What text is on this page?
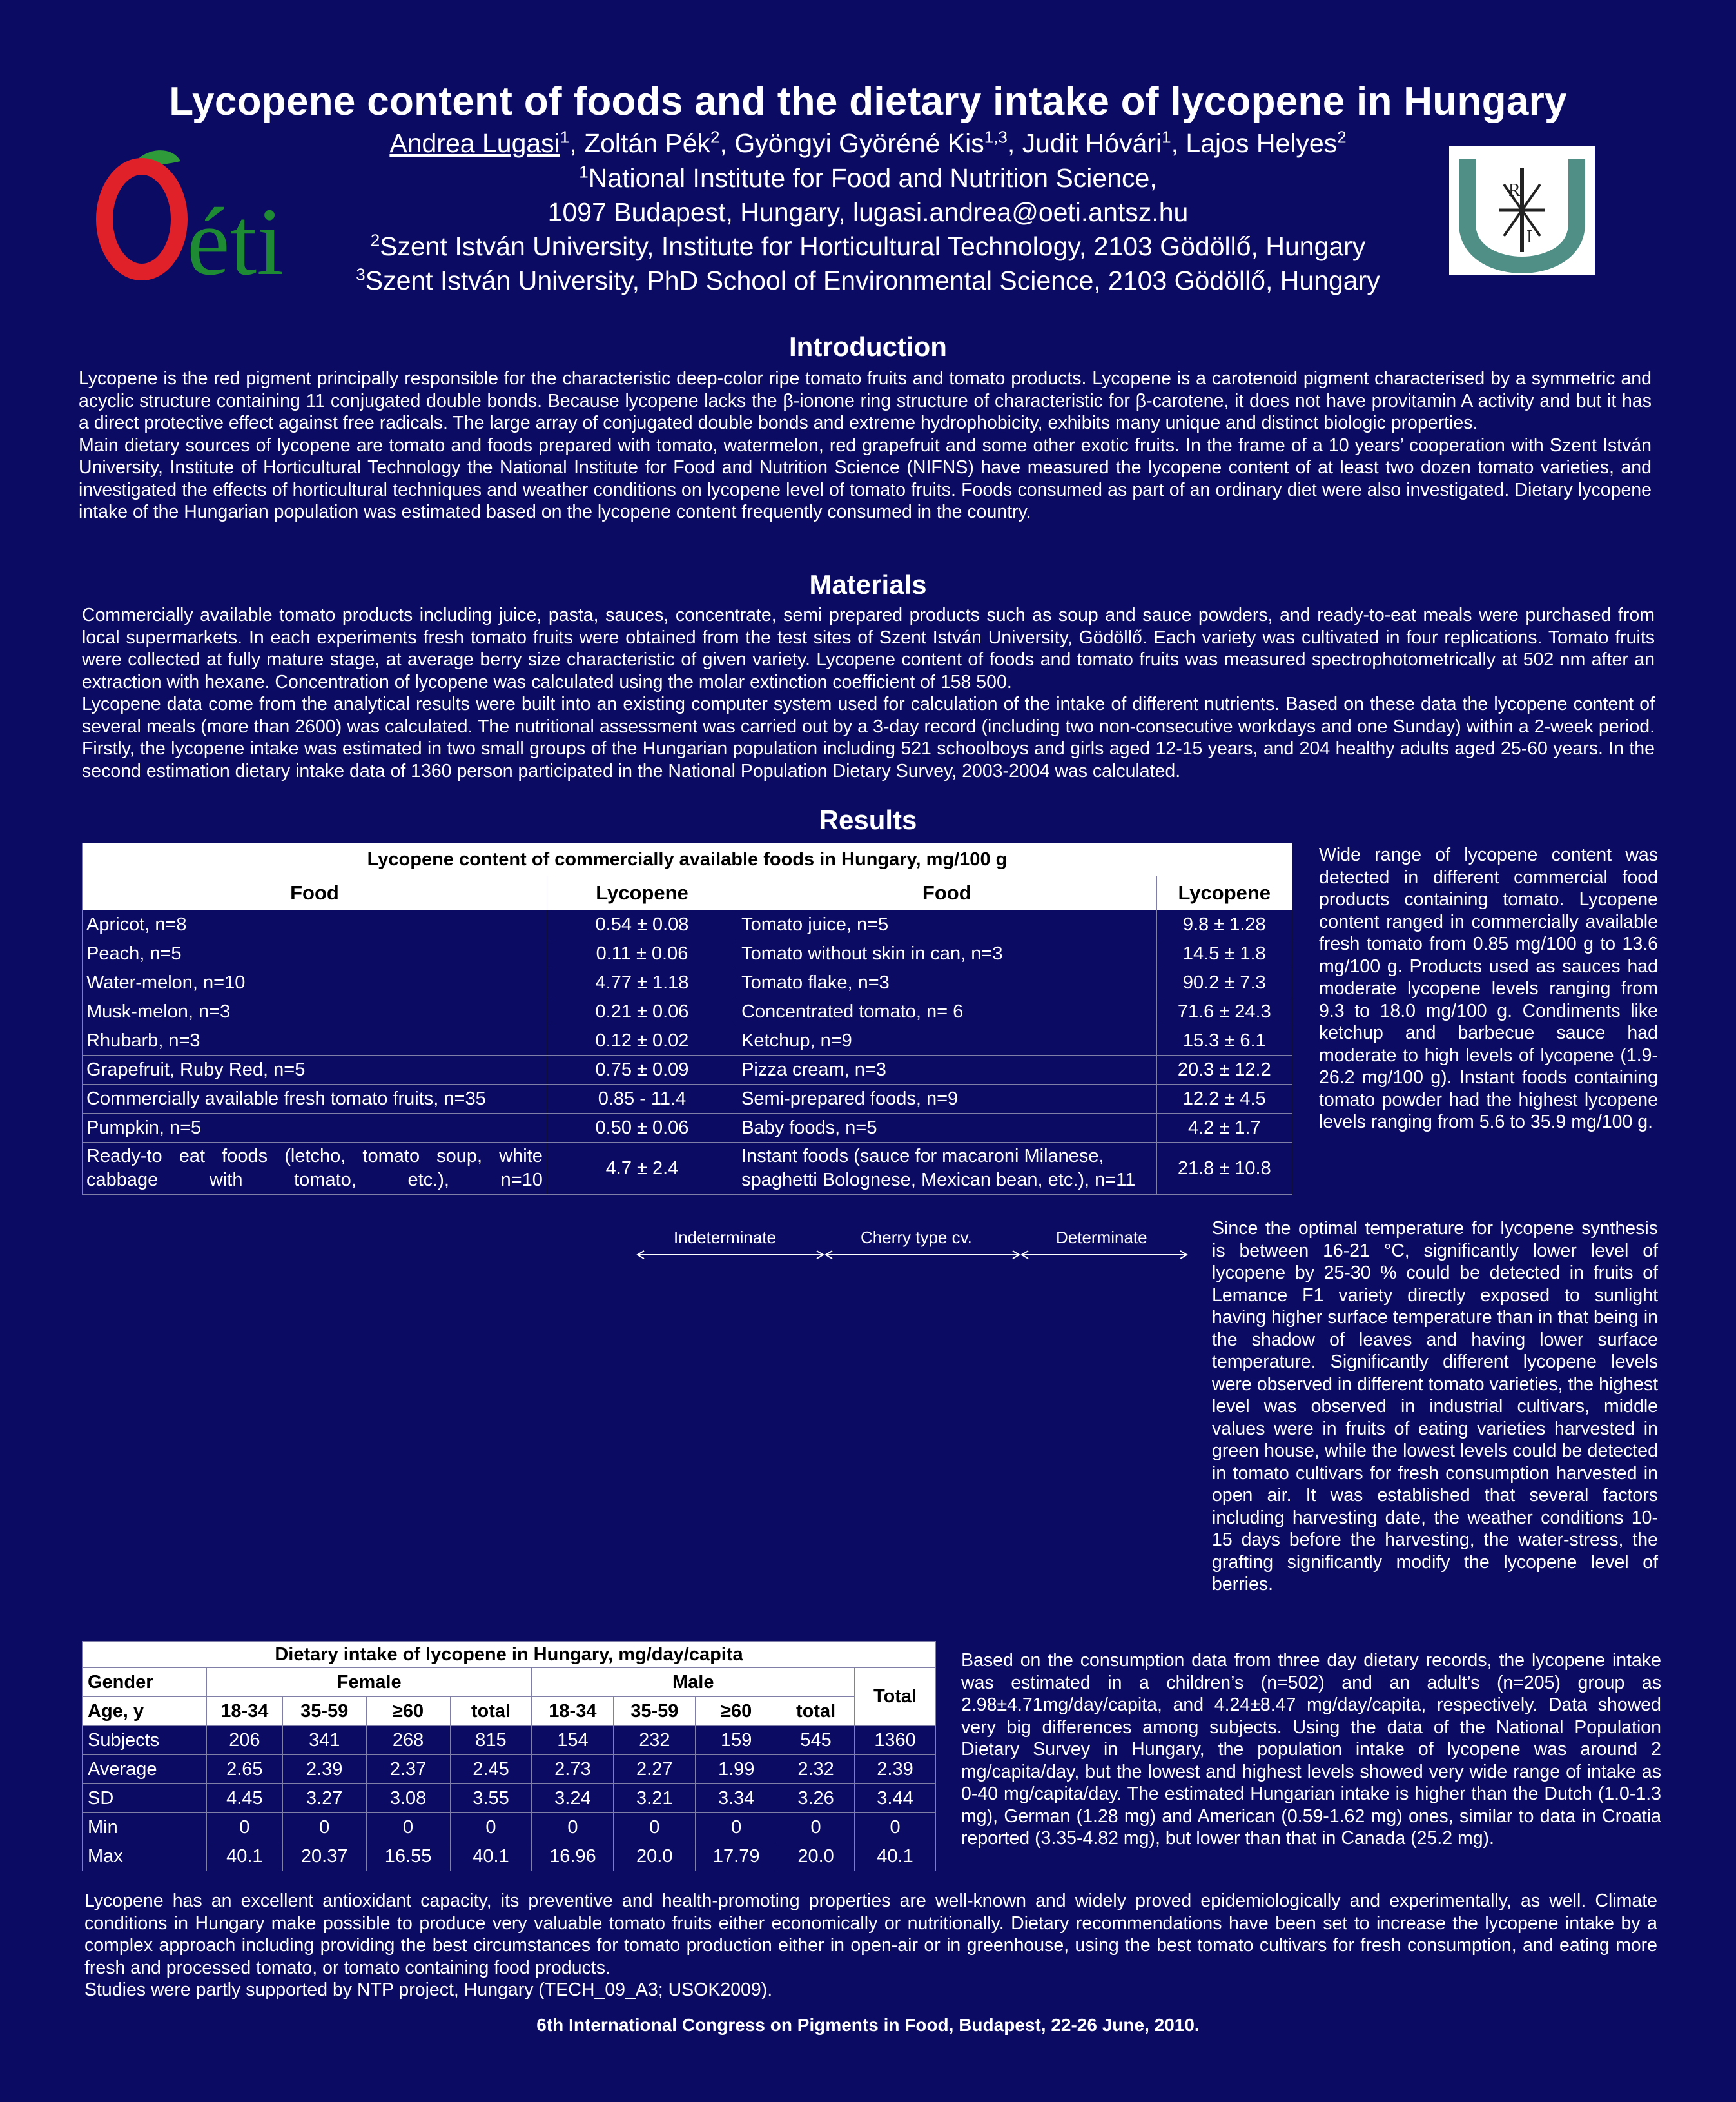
Lycopene content of foods and the dietary intake of lycopene in Hungary
Andrea Lugasi$^1$, Zoltán Pék$^2$, Gyöngyi Györéné Kis$^{1,3}$, Judit Hóvári$^1$, Lajos Helyes$^2$
$^1$National Institute for Food and Nutrition Science,
1097 Budapest, Hungary, lugasi.andrea@oeti.antsz.hu
$^2$Szent István University, Institute for Horticultural Technology, 2103 Gödöllő, Hungary
$^3$Szent István University, PhD School of Environmental Science, 2103 Gödöllő, Hungary
éti	R
I
Introduction

Lycopene is the red pigment principally responsible for the characteristic deep-color ripe tomato fruits and tomato products. Lycopene is a carotenoid pigment characterised by a symmetric and acyclic structure containing 11 conjugated double bonds. Because lycopene lacks the β-ionone ring structure of characteristic for β-carotene, it does not have provitamin A activity and but it has a direct protective effect against free radicals. The large array of conjugated double bonds and extreme hydrophobicity, exhibits many unique and distinct biologic properties.

Main dietary sources of lycopene are tomato and foods prepared with tomato, watermelon, red grapefruit and some other exotic fruits. In the frame of a 10 years’ cooperation with Szent István University, Institute of Horticultural Technology the National Institute for Food and Nutrition Science (NIFNS) have measured the lycopene content of at least two dozen tomato varieties, and investigated the effects of horticultural techniques and weather conditions on lycopene level of tomato fruits. Foods consumed as part of an ordinary diet were also investigated. Dietary lycopene intake of the Hungarian population was estimated based on the lycopene content frequently consumed in the country.

Materials

Commercially available tomato products including juice, pasta, sauces, concentrate, semi prepared products such as soup and sauce powders, and ready-to-eat meals were purchased from local supermarkets. In each experiments fresh tomato fruits were obtained from the test sites of Szent István University, Gödöllő. Each variety was cultivated in four replications. Tomato fruits were collected at fully mature stage, at average berry size characteristic of given variety. Lycopene content of foods and tomato fruits was measured spectrophotometrically at 502 nm after an extraction with hexane. Concentration of lycopene was calculated using the molar extinction coefficient of 158 500.

Lycopene data come from the analytical results were built into an existing computer system used for calculation of the intake of different nutrients. Based on these data the lycopene content of several meals (more than 2600) was calculated. The nutritional assessment was carried out by a 3-day record (including two non-consecutive workdays and one Sunday) within a 2-week period. Firstly, the lycopene intake was estimated in two small groups of the Hungarian population including 521 schoolboys and girls aged 12-15 years, and 204 healthy adults aged 25-60 years. In the second estimation dietary intake data of 1360 person participated in the National Population Dietary Survey, 2003-2004 was calculated.

Results
Lycopene content of commercially available foods in Hungary, mg/100 g			
Food	Lycopene	Food	Lycopene
Apricot, n=8	0.54 ± 0.08	Tomato juice, n=5	9.8 ± 1.28
Peach, n=5	0.11 ± 0.06	Tomato without skin in can, n=3	14.5 ± 1.8
Water-melon, n=10	4.77 ± 1.18	Tomato flake, n=3	90.2 ± 7.3
Musk-melon, n=3	0.21 ± 0.06	Concentrated tomato, n= 6	71.6 ± 24.3
Rhubarb, n=3	0.12 ± 0.02	Ketchup, n=9	15.3 ± 6.1
Grapefruit, Ruby Red, n=5	0.75 ± 0.09	Pizza cream, n=3	20.3 ± 12.2
Commercially available fresh tomato fruits, n=35	0.85 - 11.4	Semi-prepared foods, n=9	12.2 ± 4.5
Pumpkin, n=5	0.50 ± 0.06	Baby foods, n=5	4.2 ± 1.7
Ready-to eat foods (letcho, tomato soup, white cabbage with tomato, etc.), n=10	4.7 ± 2.4	Instant foods (sauce for macaroni Milanese, spaghetti Bolognese, Mexican bean, etc.), n=11	21.8 ± 10.8

Wide range of lycopene content was detected in different commercial food products containing tomato. Lycopene content ranged in commercially available fresh tomato from 0.85 mg/100 g to 13.6 mg/100 g. Products used as sauces had moderate lycopene levels ranging from 9.3 to 18.0 mg/100 g. Condiments like ketchup and barbecue sauce had moderate to high levels of lycopene (1.9-26.2 mg/100 g). Instant foods containing tomato powder had the highest lycopene levels ranging from 5.6 to 35.9 mg/100 g.

Indeterminate	Cherry type cv.	Determinate	Since the optimal temperature for lycopene synthesis is between 16-21 °C, significantly lower level of lycopene by 25-30 % could be detected in fruits of Lemance F1 variety directly exposed to sunlight having higher surface temperature than in that being in the shadow of leaves and having lower surface temperature. Significantly different lycopene levels were observed in different tomato varieties, the highest level was observed in industrial cultivars, middle values were in fruits of eating varieties harvested in green house, while the lowest levels could be detected in tomato cultivars for fresh consumption harvested in open air. It was established that several factors including harvesting date, the weather conditions 10-15 days before the harvesting, the water-stress, the grafting significantly modify the lycopene level of berries.

Dietary intake of lycopene in Hungary, mg/day/capita									
Gender	Female				Male				Total
Age, y	18-34	35-59	≥60	total	18-34	35-59	≥60	total	
Subjects	206	341	268	815	154	232	159	545	1360
Average	2.65	2.39	2.37	2.45	2.73	2.27	1.99	2.32	2.39
SD	4.45	3.27	3.08	3.55	3.24	3.21	3.34	3.26	3.44
Min	0	0	0	0	0	0	0	0	0
Max	40.1	20.37	16.55	40.1	16.96	20.0	17.79	20.0	40.1

Based on the consumption data from three day dietary records, the lycopene intake was estimated in a children’s (n=502) and an adult’s (n=205) group as 2.98±4.71mg/day/capita, and 4.24±8.47 mg/day/capita, respectively. Data showed very big differences among subjects. Using the data of the National Population Dietary Survey in Hungary, the population intake of lycopene was around 2 mg/capita/day, but the lowest and highest levels showed very wide range of intake as 0-40 mg/capita/day. The estimated Hungarian intake is higher than the Dutch (1.0-1.3 mg), German (1.28 mg) and American (0.59-1.62 mg) ones, similar to data in Croatia reported (3.35-4.82 mg), but lower than that in Canada (25.2 mg).

Lycopene has an excellent antioxidant capacity, its preventive and health-promoting properties are well-known and widely proved epidemiologically and experimentally, as well. Climate conditions in Hungary make possible to produce very valuable tomato fruits either economically or nutritionally. Dietary recommendations have been set to increase the lycopene intake by a complex approach including providing the best circumstances for tomato production either in open-air or in greenhouse, using the best tomato cultivars for fresh consumption, and eating more fresh and processed tomato, or tomato containing food products.

Studies were partly supported by NTP project, Hungary (TECH_09_A3; USOK2009).

6th International Congress on Pigments in Food, Budapest, 22-26 June, 2010.
